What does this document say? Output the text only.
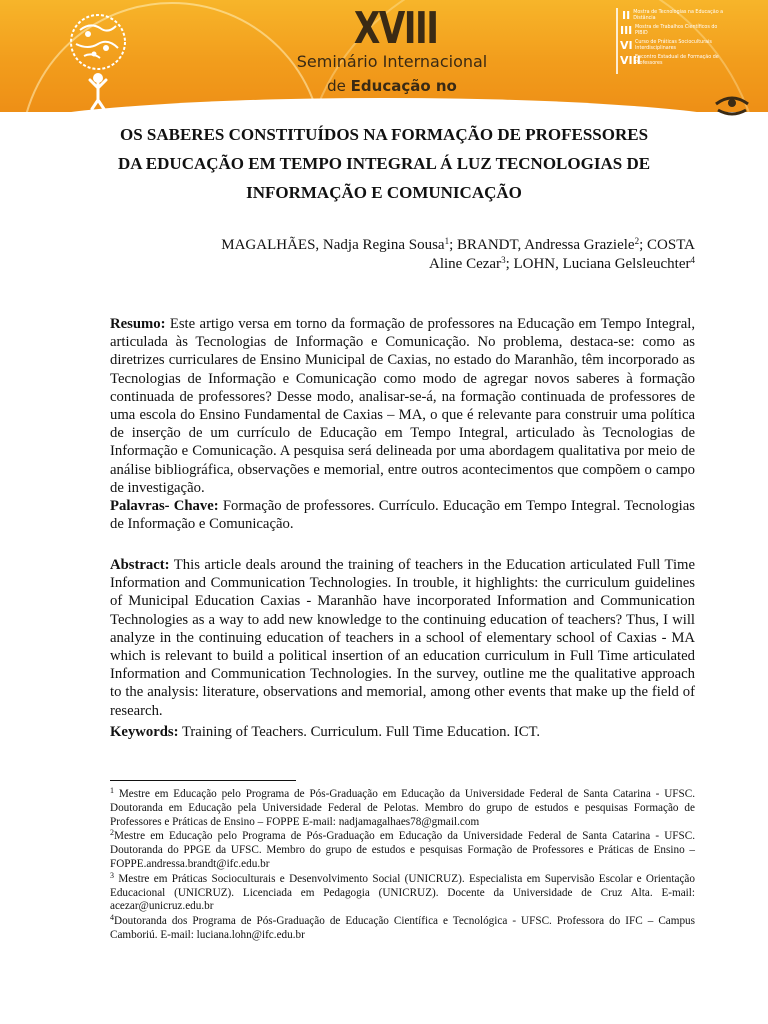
XVIII
Seminário Internacional
de Educação no
II Mostra de Tecnologias na Educação a Distância
III Mostra de Trabalhos Científicos do PIBID
VI Curso de Práticas Socioculturais Interdisciplinares
VIII
Encontro Estadual de Formação de Professores
OS SABERES CONSTITUÍDOS NA FORMAÇÃO DE PROFESSORES
DA EDUCAÇÃO EM TEMPO INTEGRAL Á LUZ TECNOLOGIAS DE
INFORMAÇÃO E COMUNICAÇÃO
MAGALHÃES, Nadja Regina Sousa$^1$; BRANDT, Andressa Graziele$^2$; COSTA
Aline Cezar$^3$; LOHN, Luciana Gelsleuchter$^4$

Resumo: Este artigo versa em torno da formação de professores na Educação em Tempo Integral, articulada às Tecnologias de Informação e Comunicação. No problema, destaca-se: como as diretrizes curriculares de Ensino Municipal de Caxias, no estado do Maranhão, têm incorporado as Tecnologias de Informação e Comunicação como modo de agregar novos saberes à formação continuada de professores? Desse modo, analisar-se-á, na formação continuada de professores de uma escola do Ensino Fundamental de Caxias – MA, o que é relevante para construir uma política de inserção de um currículo de Educação em Tempo Integral, articulado às Tecnologias de Informação e Comunicação. A pesquisa será delineada por uma abordagem qualitativa por meio de análise bibliográfica, observações e memorial, entre outros acontecimentos que compõem o campo de investigação.

Palavras- Chave: Formação de professores. Currículo. Educação em Tempo Integral. Tecnologias de Informação e Comunicação.

Abstract: This article deals around the training of teachers in the Education articulated Full Time Information and Communication Technologies. In trouble, it highlights: the curriculum guidelines of Municipal Education Caxias - Maranhão have incorporated Information and Communication Technologies as a way to add new knowledge to the continuing education of teachers? Thus, I will analyze in the continuing education of teachers in a school of elementary school of Caxias - MA which is relevant to build a political insertion of an education curriculum in Full Time articulated Information and Communication Technologies. In the survey, outline me the qualitative approach to the analysis: literature, observations and memorial, among other events that make up the field of research.

Keywords: Training of Teachers. Curriculum. Full Time Education. ICT.

$^1$ Mestre em Educação pelo Programa de Pós-Graduação em Educação da Universidade Federal de Santa Catarina - UFSC. Doutoranda em Educação pela Universidade Federal de Pelotas. Membro do grupo de estudos e pesquisas Formação de Professores e Práticas de Ensino – FOPPE E-mail: nadjamagalhaes78@gmail.com

$^2$Mestre em Educação pelo Programa de Pós-Graduação em Educação da Universidade Federal de Santa Catarina - UFSC. Doutoranda do PPGE da UFSC. Membro do grupo de estudos e pesquisas Formação de Professores e Práticas de Ensino – FOPPE.andressa.brandt@ifc.edu.br

$^3$ Mestre em Práticas Socioculturais e Desenvolvimento Social (UNICRUZ). Especialista em Supervisão Escolar e Orientação Educacional (UNICRUZ). Licenciada em Pedagogia (UNICRUZ). Docente da Universidade de Cruz Alta. E-mail: acezar@unicruz.edu.br

$^4$Doutoranda dos Programa de Pós-Graduação de Educação Científica e Tecnológica - UFSC. Professora do IFC – Campus Camboriú. E-mail: luciana.lohn@ifc.edu.br
